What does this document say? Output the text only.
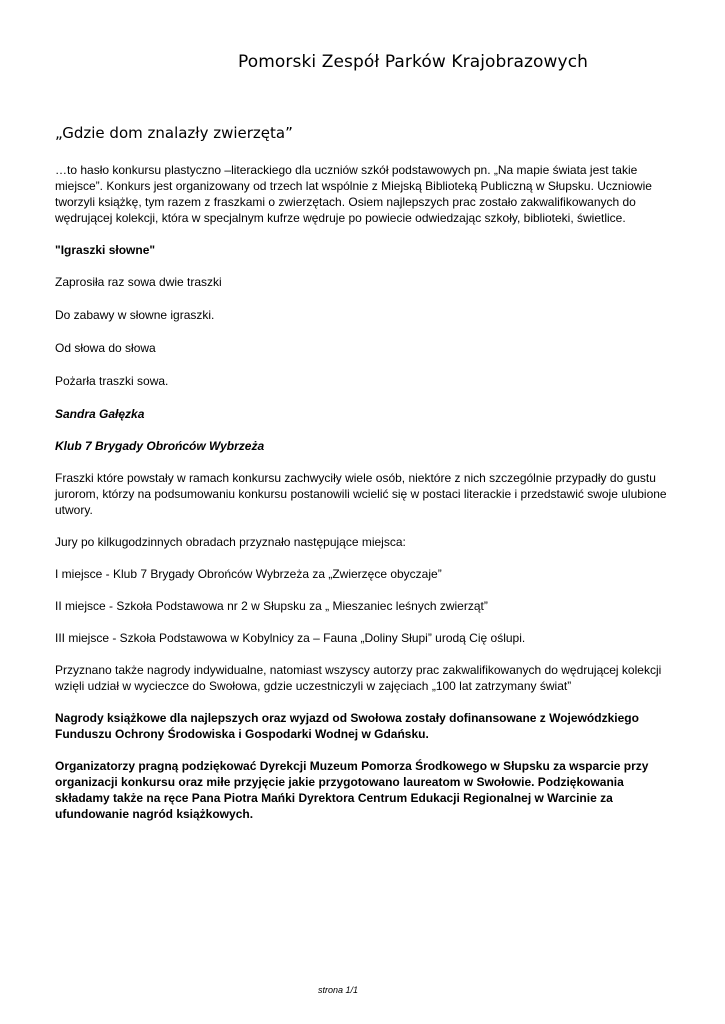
Pomorski Zespół Parków Krajobrazowych
„Gdzie dom znalazły zwierzęta”

…to hasło konkursu plastyczno –literackiego dla uczniów szkół podstawowych pn. „Na mapie świata jest takie miejsce”. Konkurs jest organizowany od trzech lat wspólnie z Miejską Biblioteką Publiczną w Słupsku. Uczniowie tworzyli książkę, tym razem z fraszkami o zwierzętach. Osiem najlepszych prac zostało zakwalifikowanych do wędrującej kolekcji, która w specjalnym kufrze wędruje po powiecie odwiedzając szkoły, biblioteki, świetlice.

"Igraszki słowne"

Zaprosiła raz sowa dwie traszki

Do zabawy w słowne igraszki.

Od słowa do słowa

Pożarła traszki sowa.

Sandra Gałęzka

Klub 7 Brygady Obrońców Wybrzeża

Fraszki które powstały w ramach konkursu zachwyciły wiele osób, niektóre z nich szczególnie przypadły do gustu jurorom, którzy na podsumowaniu konkursu postanowili wcielić się w postaci literackie i przedstawić swoje ulubione utwory.

Jury po kilkugodzinnych obradach przyznało następujące miejsca:

I miejsce - Klub 7 Brygady Obrońców Wybrzeża za „Zwierzęce obyczaje”

II miejsce - Szkoła Podstawowa nr 2 w Słupsku za „ Mieszaniec leśnych zwierząt”

III miejsce - Szkoła Podstawowa w Kobylnicy za – Fauna „Doliny Słupi” urodą Cię oślupi.

Przyznano także nagrody indywidualne, natomiast wszyscy autorzy prac zakwalifikowanych do wędrującej kolekcji wzięli udział w wycieczce do Swołowa, gdzie uczestniczyli w zajęciach „100 lat zatrzymany świat”

Nagrody książkowe dla najlepszych oraz wyjazd od Swołowa zostały dofinansowane z Wojewódzkiego Funduszu Ochrony Środowiska i Gospodarki Wodnej w Gdańsku.

Organizatorzy pragną podziękować Dyrekcji Muzeum Pomorza Środkowego w Słupsku za wsparcie przy organizacji konkursu oraz miłe przyjęcie jakie przygotowano laureatom w Swołowie. Podziękowania składamy także na ręce Pana Piotra Mańki Dyrektora Centrum Edukacji Regionalnej w Warcinie za ufundowanie nagród książkowych.

strona 1/1
